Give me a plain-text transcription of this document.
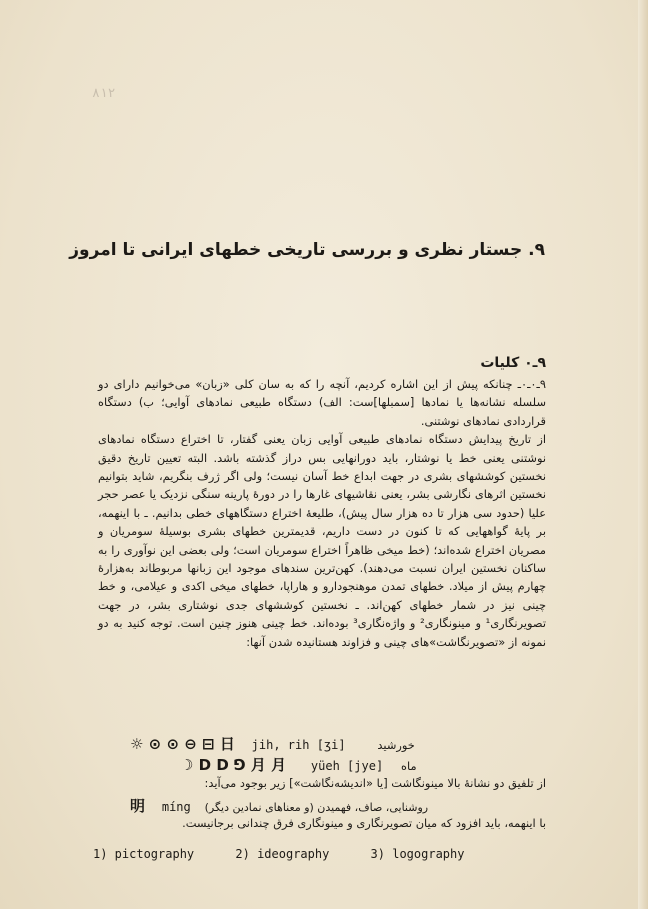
۸۱۲
۹. جستار نظری و بررسی تاریخی خطهای ایرانی تا امروز
۹ـ۰ کلیات

۹ـ۰ـ۰ـ چنانکه پیش از این اشاره کردیم، آنچه را که به سان کلی «زبان» می‌خوانیم دارای دو سلسله نشانه‌ها یا نمادها [سمبلها]ست: الف) دستگاه طبیعی نمادهای آوایی؛ ب) دستگاه قراردادی نمادهای نوشتنی.

از تاریخ پیدایش دستگاه نمادهای طبیعی آوایی زبان یعنی گفتار، تا اختراع دستگاه نمادهای نوشتنی یعنی خط یا نوشتار، باید دورانهایی بس دراز گذشته باشد. البته تعیین تاریخ دقیق نخستین کوششهای بشری در جهت ابداع خط آسان نیست؛ ولی اگر ژرف بنگریم، شاید بتوانیم نخستین اثرهای نگارشی بشر، یعنی نقاشیهای غارها را در دورهٔ پارینه سنگی نزدیک یا عصر حجر علیا (حدود سی هزار تا ده هزار سال پیش)، طلیعهٔ اختراع دستگاههای خطی بدانیم. ـ با اینهمه، بر پایهٔ گواههایی که تا کنون در دست داریم، قدیمترین خطهای بشری بوسیلهٔ سومریان و مصریان اختراع شده‌اند؛ (خط میخی ظاهراً اختراع سومریان است؛ ولی بعضی این نوآوری را به ساکنان نخستین ایران نسبت می‌دهند). کهن‌ترین سندهای موجود این زبانها مربوطاند به‌هزارهٔ چهارم پیش از میلاد. خطهای تمدن موهنجودارو و هاراپا، خطهای میخی اکدی و عیلامی، و خط چینی نیز در شمار خطهای کهن‌اند. ـ نخستین کوششهای جدی نوشتاری بشر، در جهت تصویرنگاری¹ و مینونگاری² و واژه‌نگاری³ بوده‌اند. خط چینی هنوز چنین است. توجه کنید به دو نمونه از «تصویرنگاشت»های چینی و فزاوند هستانیده شدن آنها:

☼ ⊙ ⊙ ⊖ ⊟ 日 jih, rih [ʒi]	خورشید
☽ D D ⅁ 月 月 yüeh [jye] ماه

از تلفیق دو نشانهٔ بالا مینونگاشت [یا «اندیشه‌نگاشت»] زیر بوجود می‌آید:

明 míng روشنایی، صاف، فهمیدن (و معناهای نمادین دیگر)

با اینهمه، باید افزود که میان تصویرنگاری و مینونگاری فرق چندانی برجانیست.

1) pictography	2) ideography	3) logography
